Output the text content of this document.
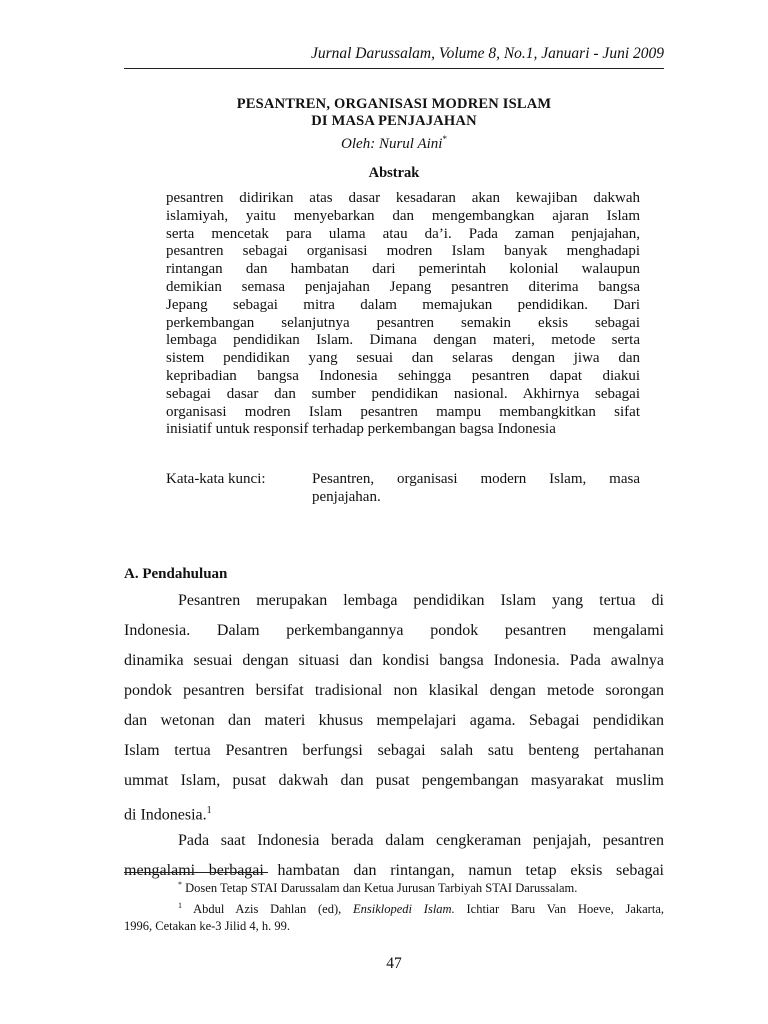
Jurnal Darussalam, Volume 8, No.1, Januari - Juni 2009
PESANTREN, ORGANISASI MODREN ISLAM
DI MASA PENJAJAHAN
Oleh: Nurul Aini*
Abstrak
pesantren didirikan atas dasar kesadaran akan kewajiban dakwah
islamiyah, yaitu menyebarkan dan mengembangkan ajaran Islam
serta mencetak para ulama atau da’i. Pada zaman penjajahan,
pesantren sebagai organisasi modren Islam banyak menghadapi
rintangan dan hambatan dari pemerintah kolonial walaupun
demikian semasa penjajahan Jepang pesantren diterima bangsa
Jepang sebagai mitra dalam memajukan pendidikan. Dari
perkembangan selanjutnya pesantren semakin eksis sebagai
lembaga pendidikan Islam. Dimana dengan materi, metode serta
sistem pendidikan yang sesuai dan selaras dengan jiwa dan
kepribadian bangsa Indonesia sehingga pesantren dapat diakui
sebagai dasar dan sumber pendidikan nasional. Akhirnya sebagai
organisasi modren Islam pesantren mampu membangkitkan sifat
inisiatif untuk responsif terhadap perkembangan bagsa Indonesia
Kata-kata kunci:	Pesantren, organisasi modern Islam, masa
penjajahan.
A. Pendahuluan
Pesantren merupakan lembaga pendidikan Islam yang tertua di
Indonesia. Dalam perkembangannya pondok pesantren mengalami
dinamika sesuai dengan situasi dan kondisi bangsa Indonesia. Pada awalnya
pondok pesantren bersifat tradisional non klasikal dengan metode sorongan
dan wetonan dan materi khusus mempelajari agama. Sebagai pendidikan
Islam tertua Pesantren berfungsi sebagai salah satu benteng pertahanan
ummat Islam, pusat dakwah dan pusat pengembangan masyarakat muslim
di Indonesia.$^1$
Pada saat Indonesia berada dalam cengkeraman penjajah, pesantren
mengalami berbagai hambatan dan rintangan, namun tetap eksis sebagai
* Dosen Tetap STAI Darussalam dan Ketua Jurusan Tarbiyah STAI Darussalam.
$^1$ Abdul Azis Dahlan (ed), Ensiklopedi Islam. Ichtiar Baru Van Hoeve, Jakarta,
1996, Cetakan ke-3 Jilid 4, h. 99.
47
